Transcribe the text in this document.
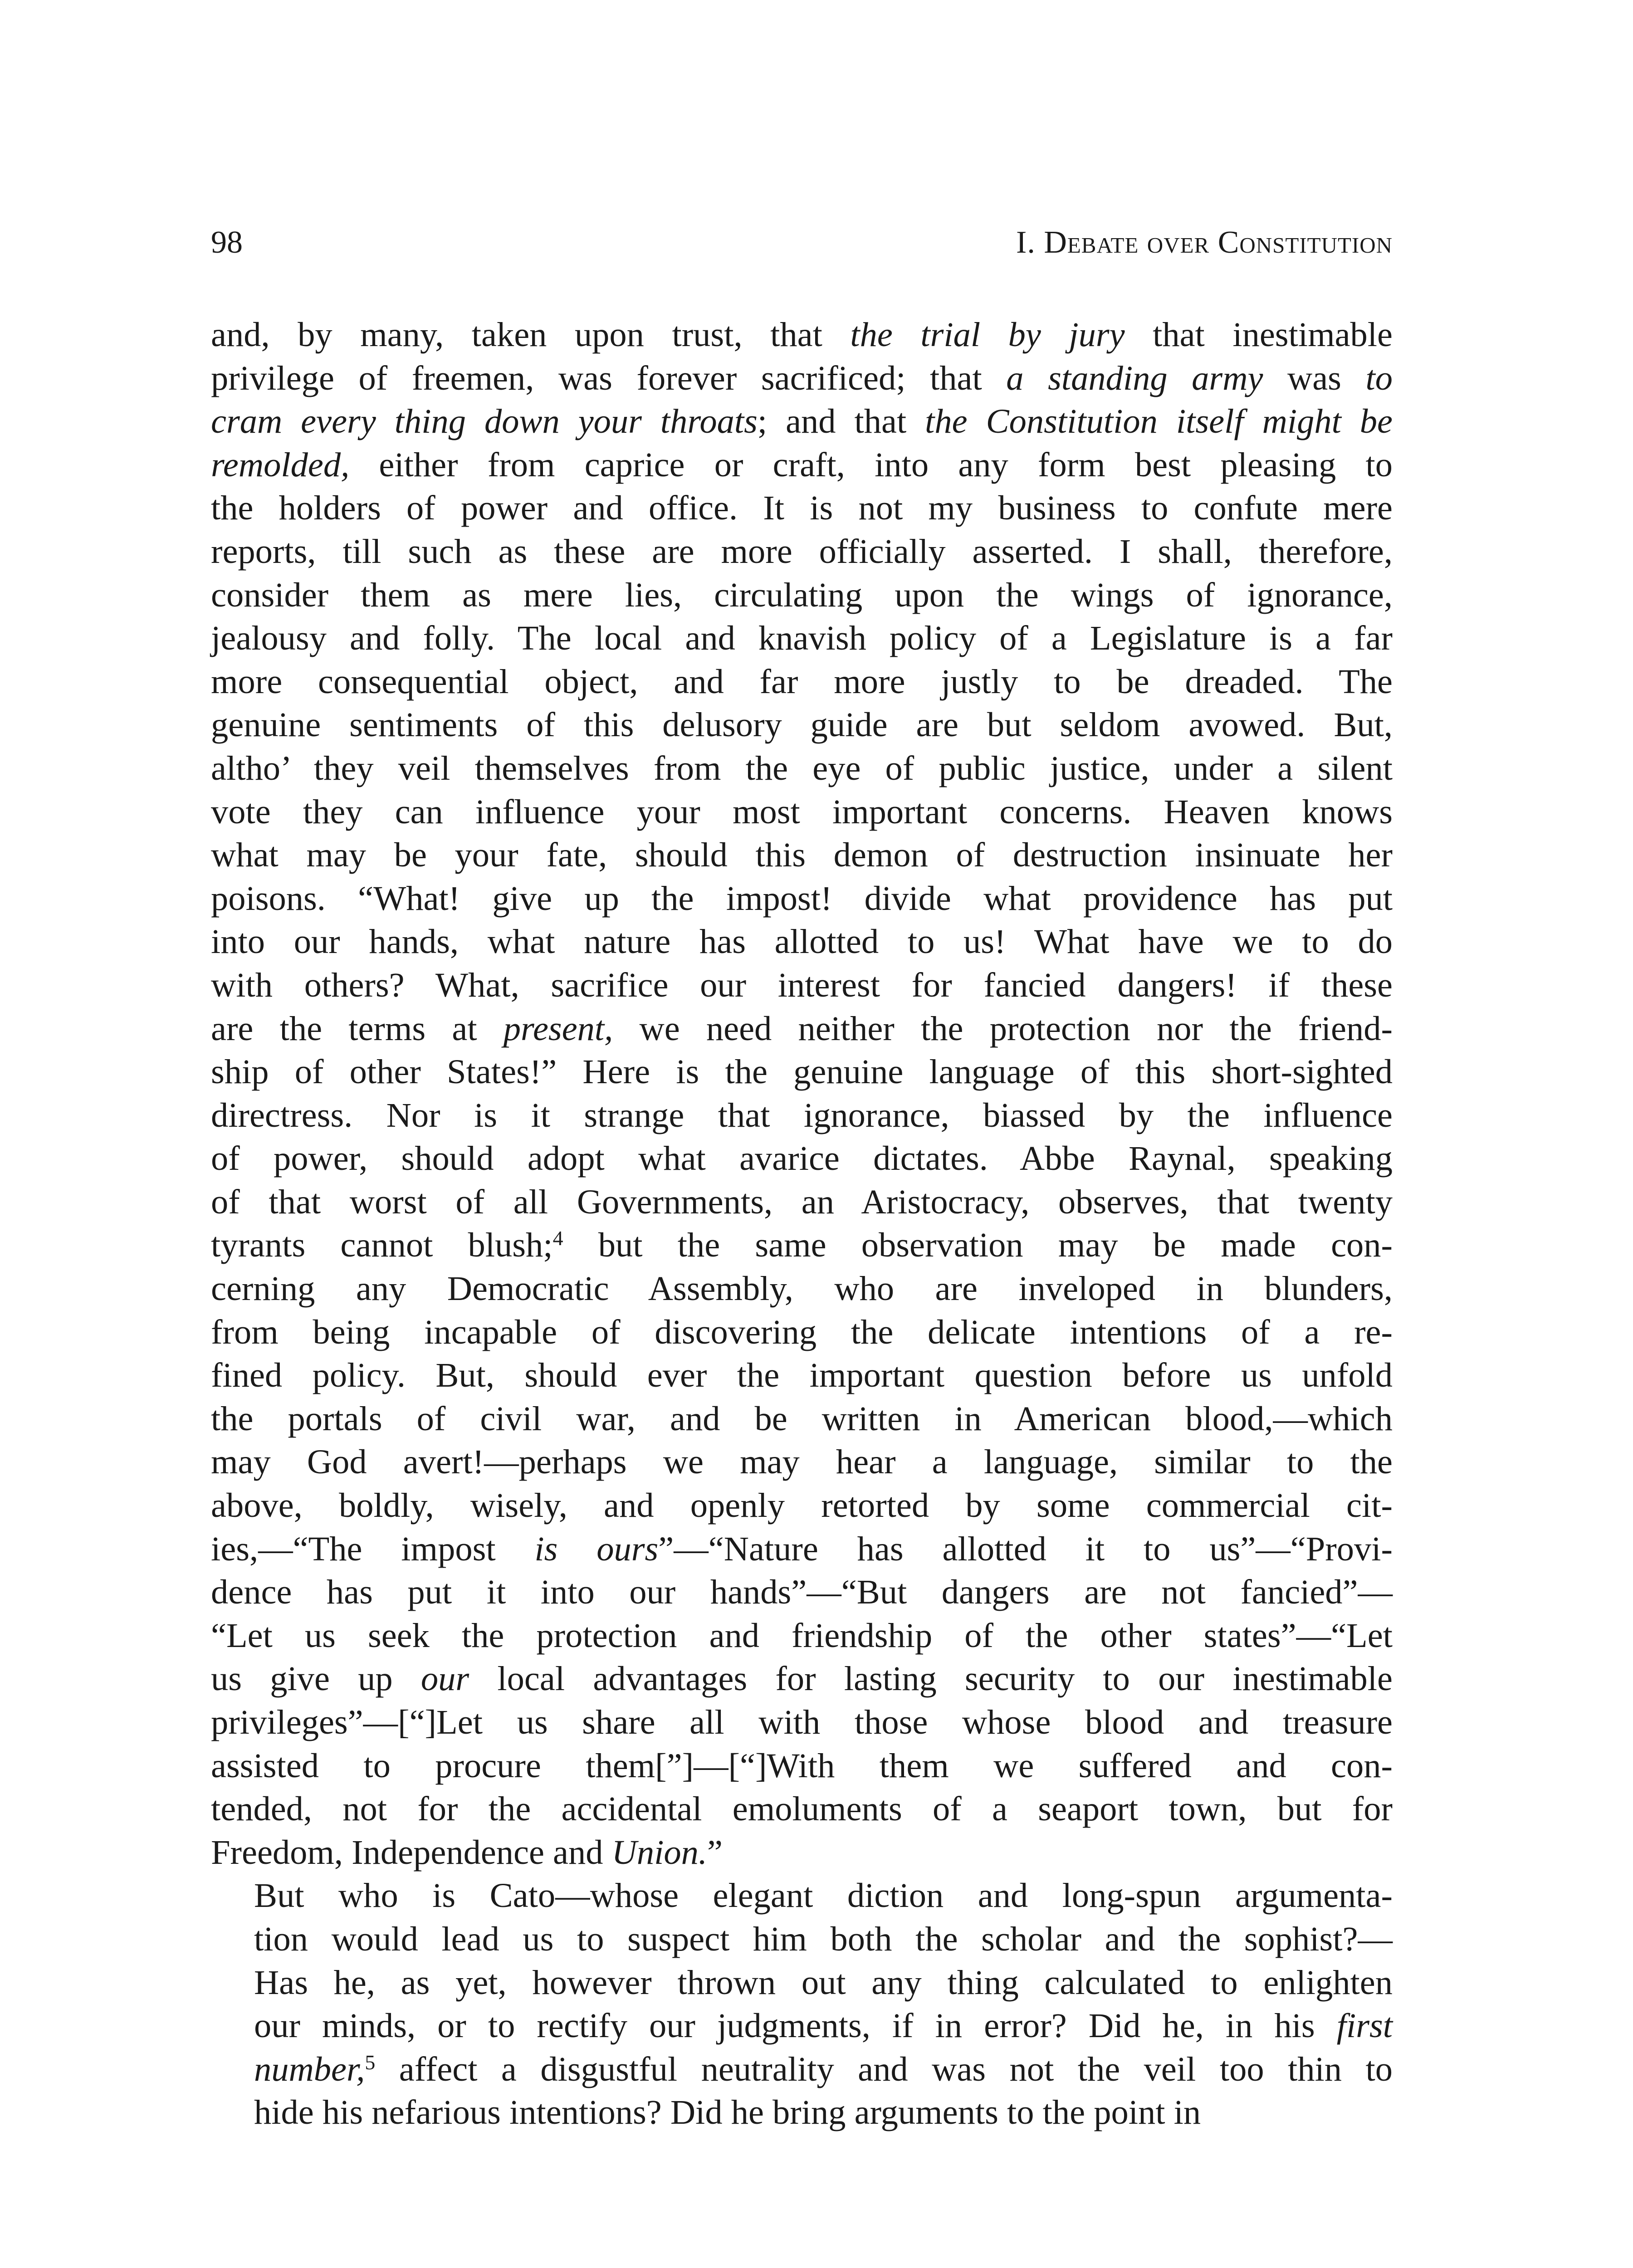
98	I. Debate over Constitution

and, by many, taken upon trust, that the trial by jury that inestimable
privilege of freemen, was forever sacrificed; that a standing army was to
cram every thing down your throats; and that the Constitution itself might be
remolded, either from caprice or craft, into any form best pleasing to
the holders of power and office. It is not my business to confute mere
reports, till such as these are more officially asserted. I shall, therefore,
consider them as mere lies, circulating upon the wings of ignorance,
jealousy and folly. The local and knavish policy of a Legislature is a far
more consequential object, and far more justly to be dreaded. The
genuine sentiments of this delusory guide are but seldom avowed. But,
altho’ they veil themselves from the eye of public justice, under a silent
vote they can influence your most important concerns. Heaven knows
what may be your fate, should this demon of destruction insinuate her
poisons. “What! give up the impost! divide what providence has put
into our hands, what nature has allotted to us! What have we to do
with others? What, sacrifice our interest for fancied dangers! if these
are the terms at present, we need neither the protection nor the friend-
ship of other States!” Here is the genuine language of this short-sighted
directress. Nor is it strange that ignorance, biassed by the influence
of power, should adopt what avarice dictates. Abbe Raynal, speaking
of that worst of all Governments, an Aristocracy, observes, that twenty
tyrants cannot blush;$^4$ but the same observation may be made con-
cerning any Democratic Assembly, who are inveloped in blunders,
from being incapable of discovering the delicate intentions of a re-
fined policy. But, should ever the important question before us unfold
the portals of civil war, and be written in American blood,—which
may God avert!—perhaps we may hear a language, similar to the
above, boldly, wisely, and openly retorted by some commercial cit-
ies,—“The impost is ours”—“Nature has allotted it to us”—“Provi-
dence has put it into our hands”—“But dangers are not fancied”—
“Let us seek the protection and friendship of the other states”—“Let
us give up our local advantages for lasting security to our inestimable
privileges”—[“]Let us share all with those whose blood and treasure
assisted to procure them[”]—[“]With them we suffered and con-
tended, not for the accidental emoluments of a seaport town, but for
Freedom, Independence and Union.”

But who is Cato—whose elegant diction and long-spun argumenta-
tion would lead us to suspect him both the scholar and the sophist?—
Has he, as yet, however thrown out any thing calculated to enlighten
our minds, or to rectify our judgments, if in error? Did he, in his first
number,$^5$ affect a disgustful neutrality and was not the veil too thin to
hide his nefarious intentions? Did he bring arguments to the point in
